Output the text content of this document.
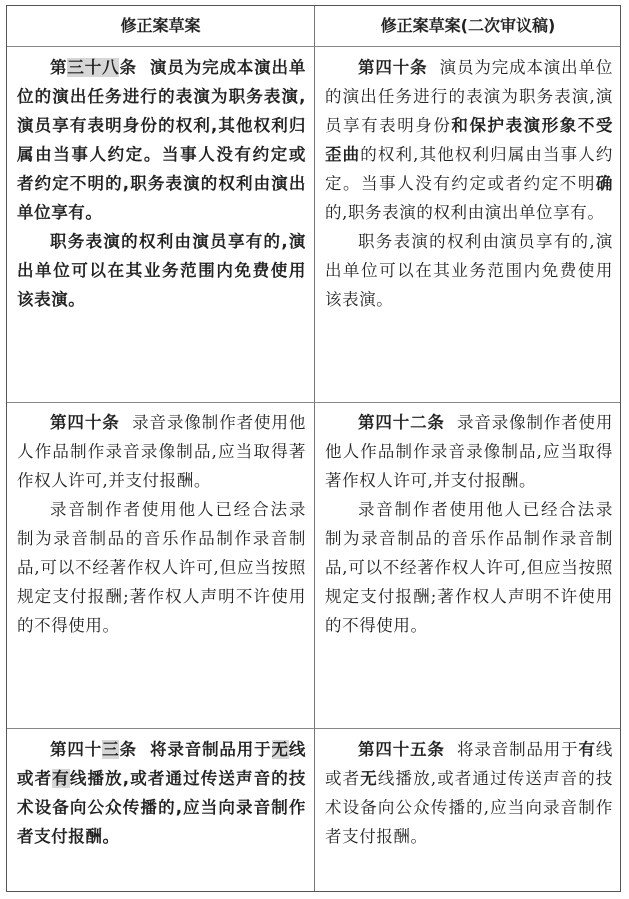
修正案草案	修正案草案(二次审议稿)

第三十八条 演员为完成本演出单位的演出任务进行的表演为职务表演,演员享有表明身份的权利,其他权利归属由当事人约定。当事人没有约定或者约定不明的,职务表演的权利由演出单位享有。

职务表演的权利由演员享有的,演出单位可以在其业务范围内免费使用该表演。

第四十条 演员为完成本演出单位的演出任务进行的表演为职务表演,演员享有表明身份和保护表演形象不受歪曲的权利,其他权利归属由当事人约定。当事人没有约定或者约定不明确的,职务表演的权利由演出单位享有。

职务表演的权利由演员享有的,演出单位可以在其业务范围内免费使用该表演。

第四十条 录音录像制作者使用他人作品制作录音录像制品,应当取得著作权人许可,并支付报酬。

录音制作者使用他人已经合法录制为录音制品的音乐作品制作录音制品,可以不经著作权人许可,但应当按照规定支付报酬;著作权人声明不许使用的不得使用。

第四十二条 录音录像制作者使用他人作品制作录音录像制品,应当取得著作权人许可,并支付报酬。

录音制作者使用他人已经合法录制为录音制品的音乐作品制作录音制品,可以不经著作权人许可,但应当按照规定支付报酬;著作权人声明不许使用的不得使用。

第四十三条 将录音制品用于无线或者有线播放,或者通过传送声音的技术设备向公众传播的,应当向录音制作者支付报酬。

第四十五条 将录音制品用于有线或者无线播放,或者通过传送声音的技术设备向公众传播的,应当向录音制作者支付报酬。
